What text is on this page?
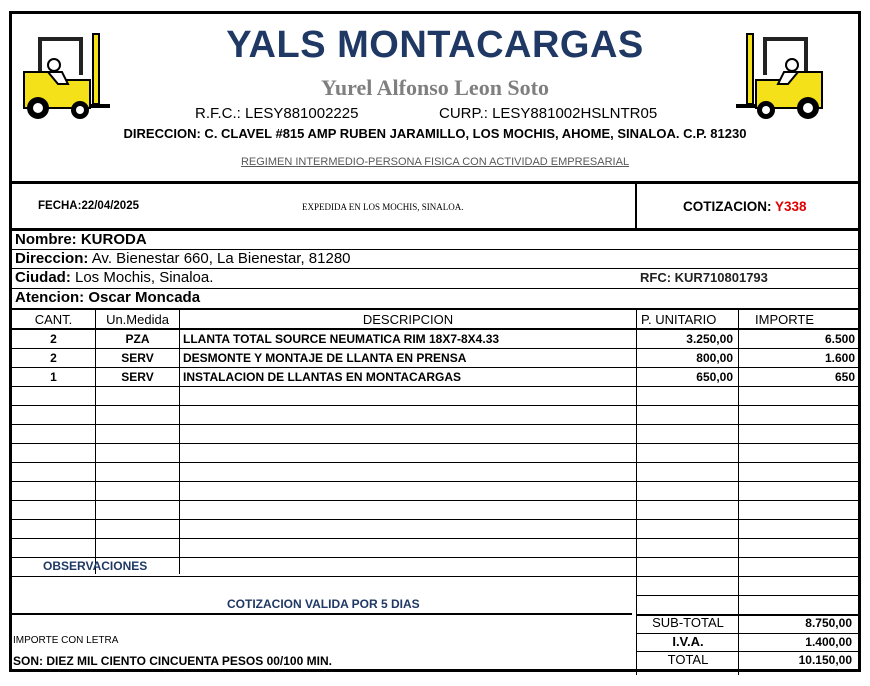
YALS MONTACARGAS
Yurel Alfonso Leon Soto
R.F.C.: LESY881002225	CURP.: LESY881002HSLNTR05
DIRECCION: C. CLAVEL #815 AMP RUBEN JARAMILLO, LOS MOCHIS, AHOME, SINALOA. C.P. 81230
REGIMEN INTERMEDIO-PERSONA FISICA CON ACTIVIDAD EMPRESARIAL
FECHA:22/04/2025	EXPEDIDA EN LOS MOCHIS, SINALOA.	COTIZACION: Y338
Nombre: KURODA
Direccion: Av. Bienestar 660, La Bienestar, 81280
Ciudad: Los Mochis, Sinaloa.	RFC: KUR710801793
Atencion: Oscar Moncada
CANT.	Un.Medida	DESCRIPCION	P. UNITARIO	IMPORTE
2	PZA	LLANTA TOTAL SOURCE NEUMATICA RIM 18X7-8X4.33	3.250,00	6.500
2	SERV	DESMONTE Y MONTAJE DE LLANTA EN PRENSA	800,00	1.600
1	SERV	INSTALACION DE LLANTAS EN MONTACARGAS	650,00	650
OBSERVACIONES
COTIZACION VALIDA POR 5 DIAS
IMPORTE CON LETRA
SON: DIEZ MIL CIENTO CINCUENTA PESOS 00/100 MIN.
SUB-TOTAL	8.750,00
I.V.A.	1.400,00
TOTAL	10.150,00
